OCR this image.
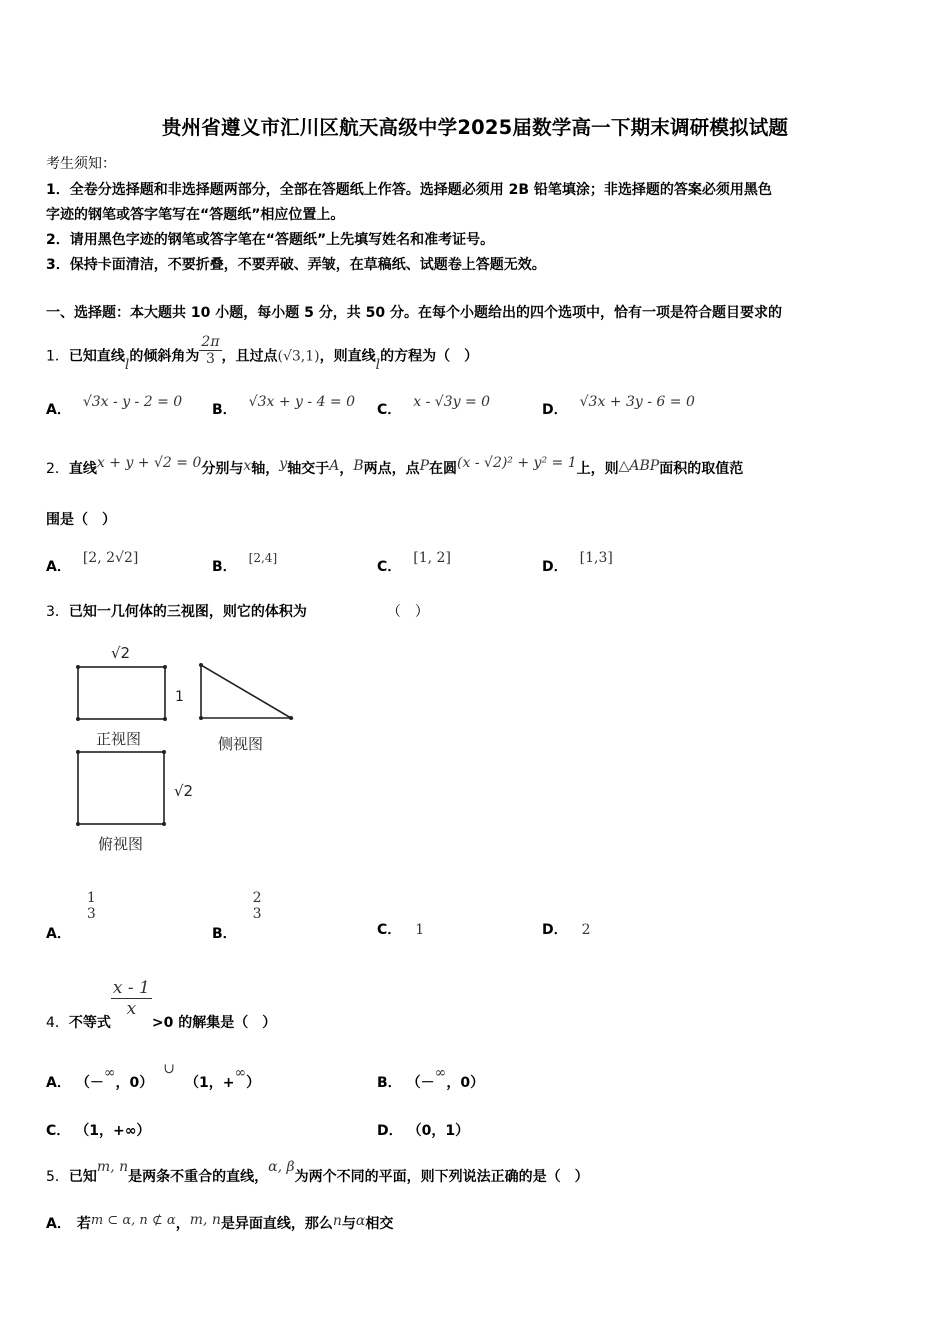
贵州省遵义市汇川区航天高级中学2025届数学高一下期末调研模拟试题
考生须知：
1．全卷分选择题和非选择题两部分，全部在答题纸上作答。选择题必须用 2B 铅笔填涂；非选择题的答案必须用黑色
字迹的钢笔或答字笔写在“答题纸”相应位置上。
2．请用黑色字迹的钢笔或答字笔在“答题纸”上先填写姓名和准考证号。
3．保持卡面清洁，不要折叠，不要弄破、弄皱，在草稿纸、试题卷上答题无效。
一、选择题：本大题共 10 小题，每小题 5 分，共 50 分。在每个小题给出的四个选项中，恰有一项是符合题目要求的
1．已知直线l的倾斜角为 $\frac{2\pi}{3}$ ，且过点(√3,1)，则直线l的方程为（　）
A． √3x - y - 2 = 0 B． √3x + y - 4 = 0 C． x - √3y = 0	D． √3x + 3y - 6 = 0
2．直线x + y + √2 = 0分别与x轴，y轴交于A，B两点，点P在圆(x - √2)² + y² = 1上，则△ABP面积的取值范
围是（　）
A．[2, 2√2]
B．[2,4]
C．[1, 2]
D．[1,3]
3．已知一几何体的三视图，则它的体积为	（　）
√2
1
正视图	侧视图
√2
俯视图
A．
1
3
B．
2
3
C． 1	D． 2
4．不等式
$\frac{x - 1}{x}$
>0 的解集是（　）
A． （－∞，0）∪（1，+∞）	B． （－∞，0）
C． （1，+∞）	D． （0，1）
5．已知m, n是两条不重合的直线，α, β为两个不同的平面，则下列说法正确的是（　）
A． 若m ⊂ α, n ⊄ α，m, n是异面直线，那么n与α相交
